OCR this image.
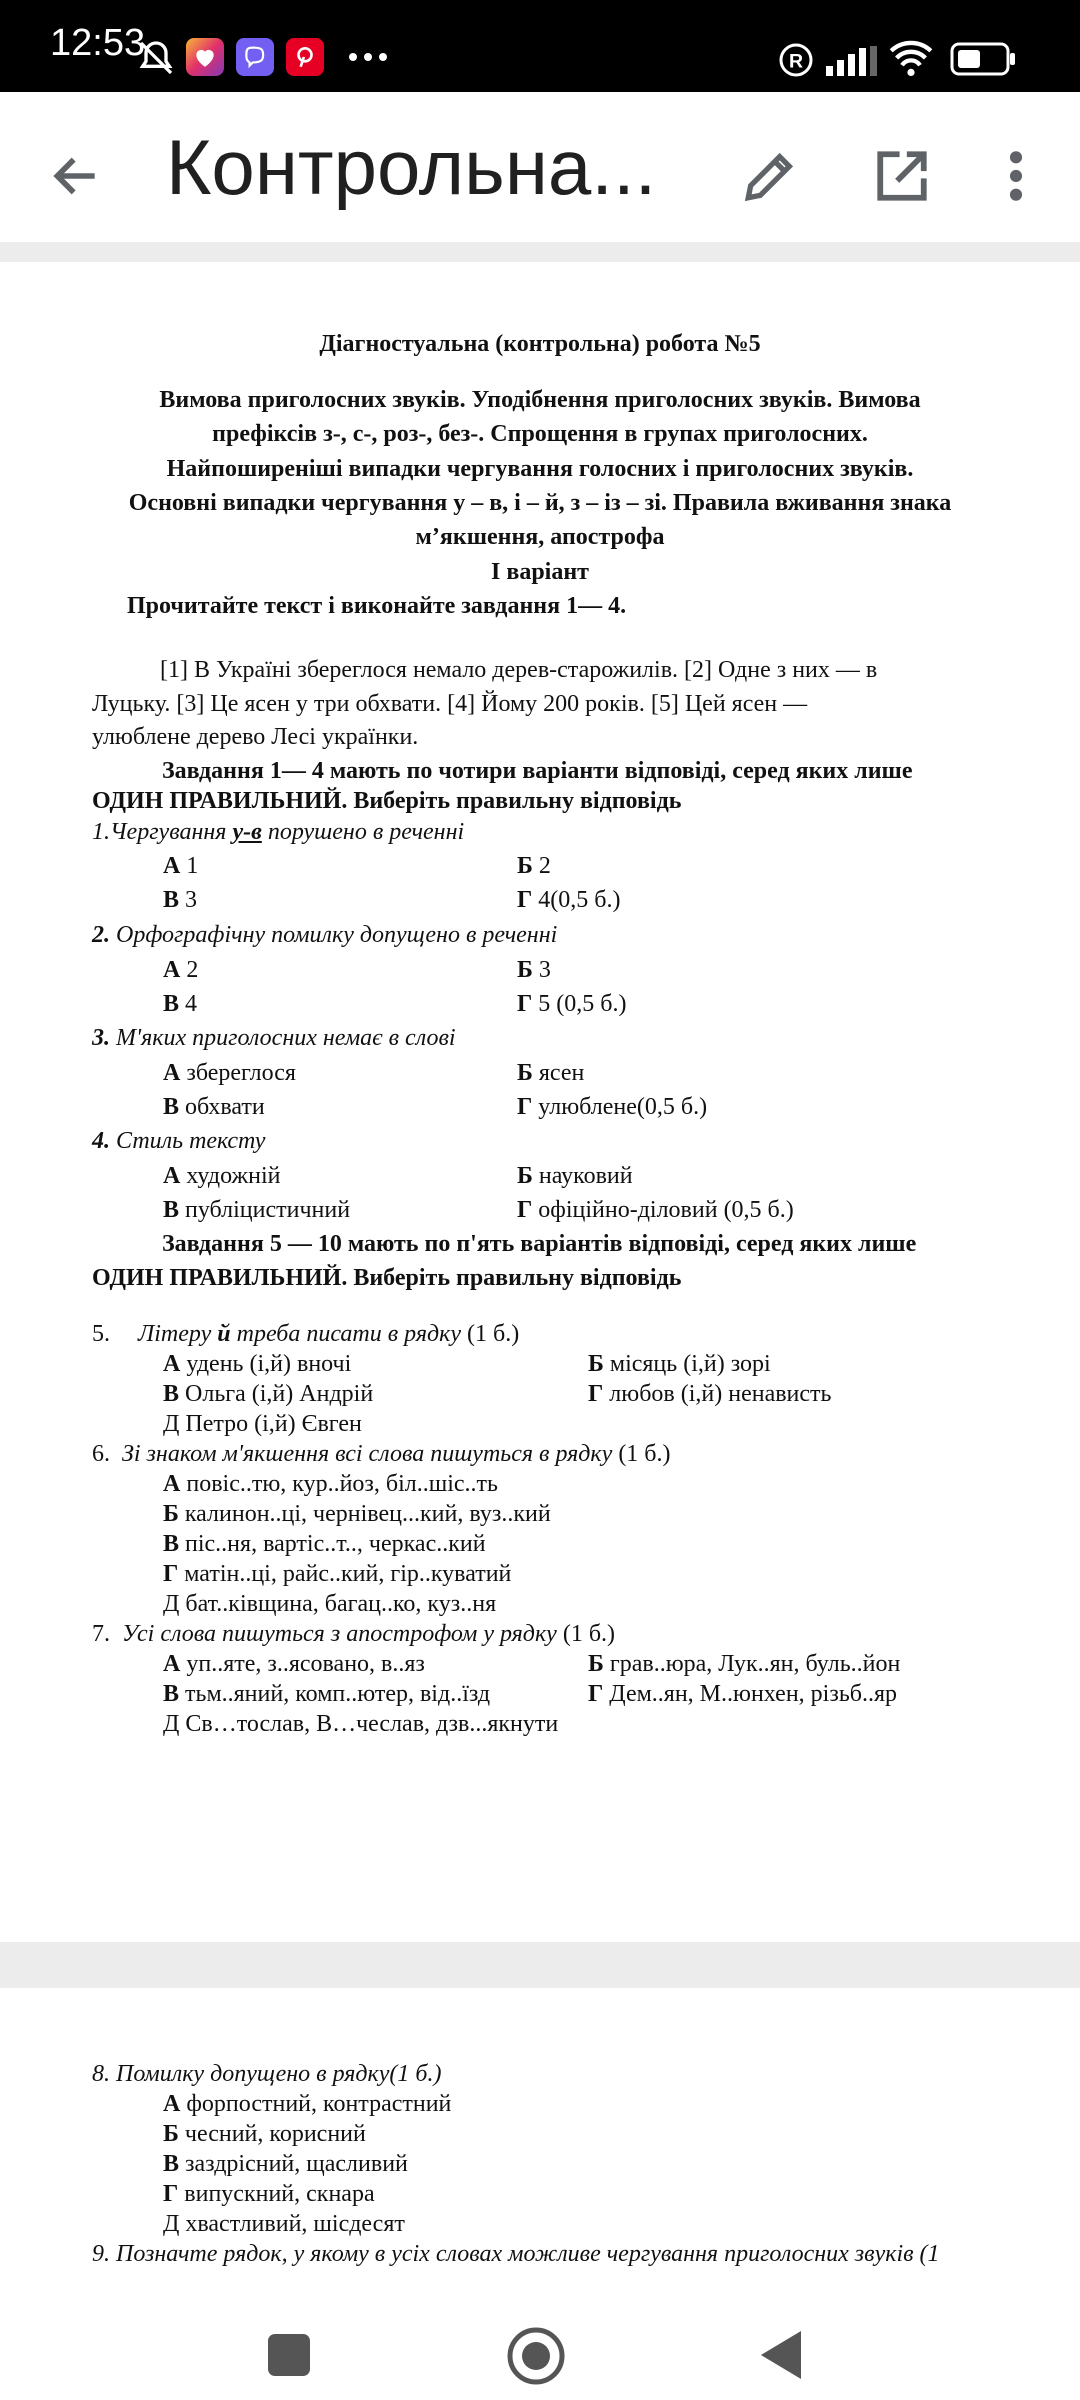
12:53	R
Контрольна...
Діагностуальна (контрольна) робота №5
Вимова приголосних звуків. Уподібнення приголосних звуків. Вимова
префіксів з-, с-, роз-, без-. Спрощення в групах приголосних.
Найпоширеніші випадки чергування голосних і приголосних звуків.
Основні випадки чергування у – в, і – й, з – із – зі. Правила вживання знака
м’якшення, апострофа
І варіант
Прочитайте текст і виконайте завдання 1— 4.
[1] В Україні збереглося немало дерев-старожилів. [2] Одне з них — в
Луцьку. [3] Це ясен у три обхвати. [4] Йому 200 років. [5] Цей ясен —
улюблене дерево Лесі українки.
Завдання 1— 4 мають по чотири варіанти відповіді, серед яких лише
ОДИН ПРАВИЛЬНИЙ. Виберіть правильну відповідь
1.Чергування у-в порушено в реченні
А 1	Б 2
В 3	Г 4(0,5 б.)
2. Орфографічну помилку допущено в реченні
А 2	Б 3
В 4	Г 5 (0,5 б.)
3. М'яких приголосних немає в слові
А збереглося	Б ясен
В обхвати	Г улюблене(0,5 б.)
4. Стиль тексту
А художній	Б науковий
В публіцистичний	Г офіційно-діловий (0,5 б.)
Завдання 5 — 10 мають по п'ять варіантів відповіді, серед яких лише
ОДИН ПРАВИЛЬНИЙ. Виберіть правильну відповідь
5. Літеру й треба писати в рядку (1 б.)
А удень (і,й) вночі	Б місяць (і,й) зорі
В Ольга (і,й) Андрій	Г любов (і,й) ненависть
Д Петро (і,й) Євген
6. Зі знаком м'якшення всі слова пишуться в рядку (1 б.)
А повіс..тю, кур..йоз, біл..шіс..ть
Б калинон..ці, чернівец...кий, вуз..кий
В піс..ня, вартіс..т.., черкас..кий
Г матін..ці, райс..кий, гір..куватий
Д бат..ківщина, багац..ко, куз..ня
7. Усі слова пишуться з апострофом у рядку (1 б.)
А уп..яте, з..ясовано, в..яз	Б грав..юра, Лук..ян, буль..йон
В тьм..яний, комп..ютер, від..їзд	Г Дем..ян, М..юнхен, різьб..яр
Д Св…тослав, В…чеслав, дзв...якнути
8. Помилку допущено в рядку(1 б.)
А форпостний, контрастний
Б чесний, корисний
В заздрісний, щасливий
Г випускний, скнара
Д хвастливий, шісдесят
9. Позначте рядок, у якому в усіх словах можливе чергування приголосних звуків (1
